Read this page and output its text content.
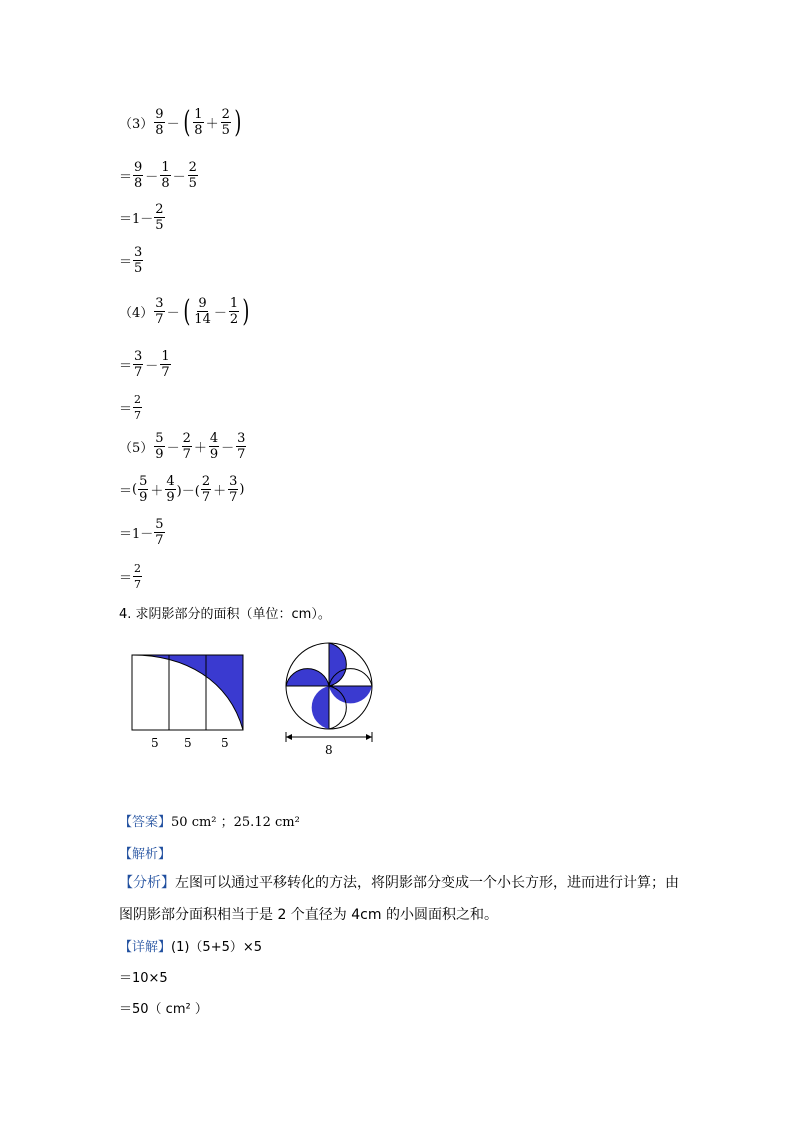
$(3) \frac{9}{8}$ － ( $\frac{1}{8} + \frac{2}{5}$ )
＝ $\frac{9}{8} - \frac{1}{8} - \frac{2}{5}$
$=1- \frac{2}{5}$
＝ $\frac{3}{5}$
$(4) \frac{3}{7}$ － ( $\frac{9}{14} - \frac{1}{2}$ )
＝ $\frac{3}{7} - \frac{1}{7}$
＝ $\frac{2}{7}$
$(5) \frac{5}{9} - \frac{2}{7} + \frac{4}{9} - \frac{3}{7}$
＝ ( $\frac{5}{9} + \frac{4}{9}$ )－( $\frac{2}{7} + \frac{3}{7}$ )
$=1- \frac{5}{7}$
＝ $\frac{2}{7}$
4. 求阴影部分的面积（单位：cm）。
5 5 5	8
【答案】50 cm² ；25.12 cm²
【解析】
【分析】左图可以通过平移转化的方法，将阴影部分变成一个小长方形，进而进行计算；由
图阴影部分面积相当于是 2 个直径为 4cm 的小圆面积之和。
【详解】(1)（5+5）×5
＝10×5
＝50（ cm² ）
